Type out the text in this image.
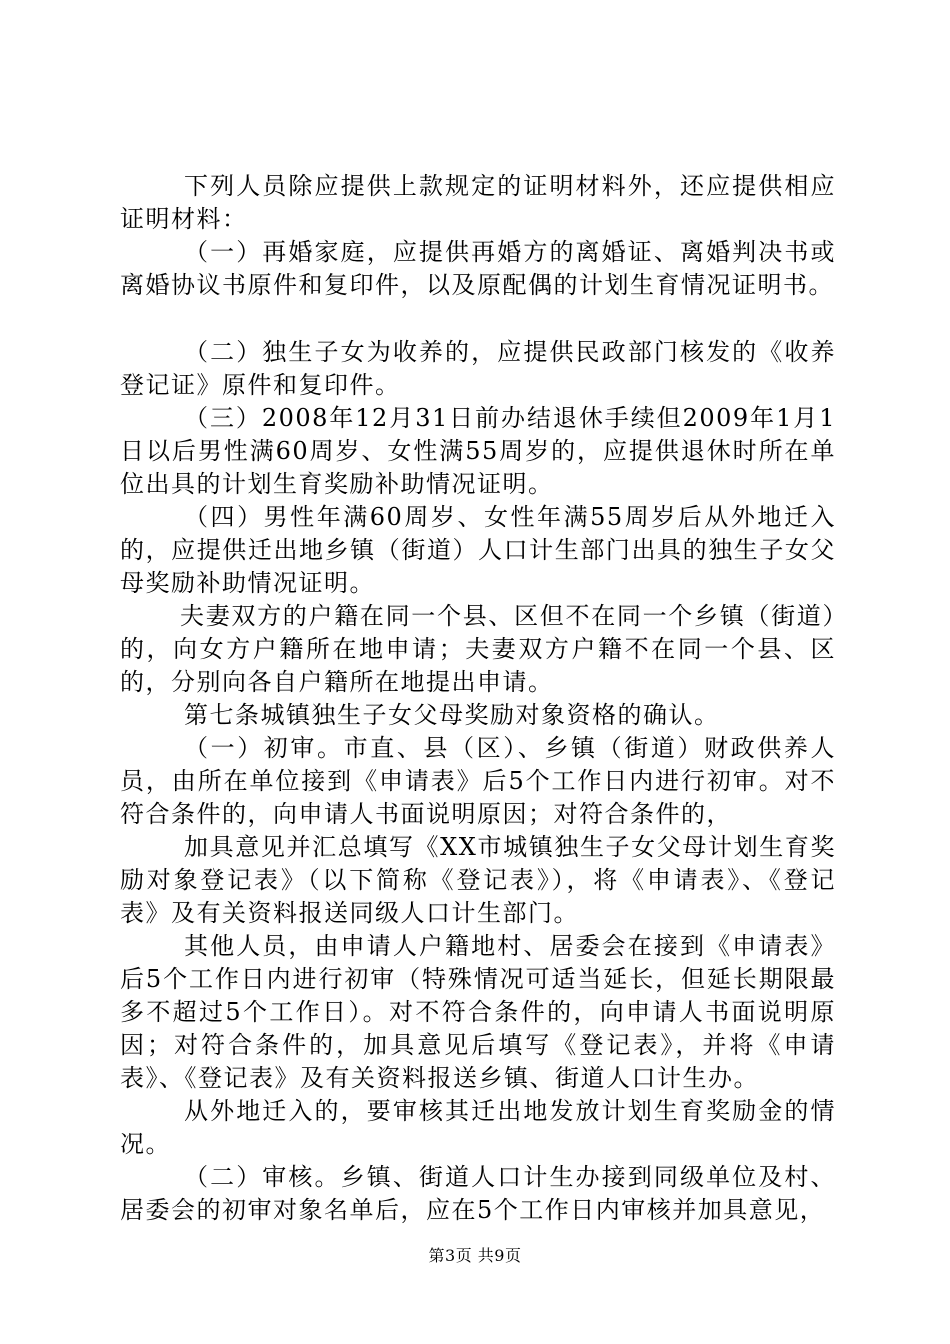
下列人员除应提供上款规定的证明材料外，还应提供相应证明材料：

（一）再婚家庭，应提供再婚方的离婚证、离婚判决书或离婚协议书原件和复印件，以及原配偶的计划生育情况证明书。

（二）独生子女为收养的，应提供民政部门核发的《收养登记证》原件和复印件。

（三）2008年12月31日前办结退休手续但2009年1月1日以后男性满60周岁、女性满55周岁的，应提供退休时所在单位出具的计划生育奖励补助情况证明。

（四）男性年满60周岁、女性年满55周岁后从外地迁入的，应提供迁出地乡镇（街道）人口计生部门出具的独生子女父母奖励补助情况证明。

夫妻双方的户籍在同一个县、区但不在同一个乡镇（街道）的，向女方户籍所在地申请；夫妻双方户籍不在同一个县、区的，分别向各自户籍所在地提出申请。

第七条城镇独生子女父母奖励对象资格的确认。

（一）初审。市直、县（区）、乡镇（街道）财政供养人员，由所在单位接到《申请表》后5个工作日内进行初审。对不符合条件的，向申请人书面说明原因；对符合条件的，

加具意见并汇总填写《XX市城镇独生子女父母计划生育奖励对象登记表》（以下简称《登记表》），将《申请表》、《登记表》及有关资料报送同级人口计生部门。

其他人员，由申请人户籍地村、居委会在接到《申请表》后5个工作日内进行初审（特殊情况可适当延长，但延长期限最多不超过5个工作日）。对不符合条件的，向申请人书面说明原因；对符合条件的，加具意见后填写《登记表》，并将《申请表》、《登记表》及有关资料报送乡镇、街道人口计生办。

从外地迁入的，要审核其迁出地发放计划生育奖励金的情况。

（二）审核。乡镇、街道人口计生办接到同级单位及村、居委会的初审对象名单后，应在5个工作日内审核并加具意见，

第3页 共9页
